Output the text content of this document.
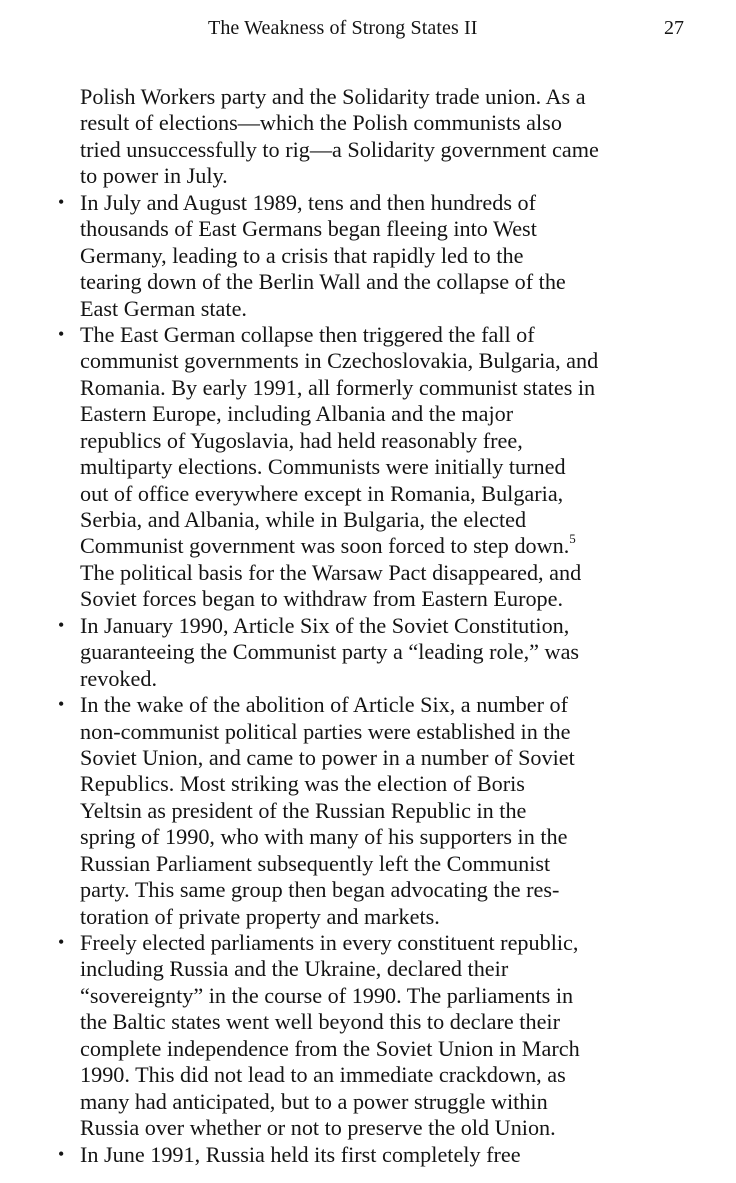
The Weakness of Strong States II	27
Polish Workers party and the Solidarity trade union. As a
result of elections—which the Polish communists also
tried unsuccessfully to rig—a Solidarity government came
to power in July.
• In July and August 1989, tens and then hundreds of
thousands of East Germans began fleeing into West
Germany, leading to a crisis that rapidly led to the
tearing down of the Berlin Wall and the collapse of the
East German state.
• The East German collapse then triggered the fall of
communist governments in Czechoslovakia, Bulgaria, and
Romania. By early 1991, all formerly communist states in
Eastern Europe, including Albania and the major
republics of Yugoslavia, had held reasonably free,
multiparty elections. Communists were initially turned
out of office everywhere except in Romania, Bulgaria,
Serbia, and Albania, while in Bulgaria, the elected
Communist government was soon forced to step down.$^5$
The political basis for the Warsaw Pact disappeared, and
Soviet forces began to withdraw from Eastern Europe.
• In January 1990, Article Six of the Soviet Constitution,
guaranteeing the Communist party a “leading role,” was
revoked.
• In the wake of the abolition of Article Six, a number of
non-communist political parties were established in the
Soviet Union, and came to power in a number of Soviet
Republics. Most striking was the election of Boris
Yeltsin as president of the Russian Republic in the
spring of 1990, who with many of his supporters in the
Russian Parliament subsequently left the Communist
party. This same group then began advocating the res-
toration of private property and markets.
• Freely elected parliaments in every constituent republic,
including Russia and the Ukraine, declared their
“sovereignty” in the course of 1990. The parliaments in
the Baltic states went well beyond this to declare their
complete independence from the Soviet Union in March
1990. This did not lead to an immediate crackdown, as
many had anticipated, but to a power struggle within
Russia over whether or not to preserve the old Union.
• In June 1991, Russia held its first completely free
